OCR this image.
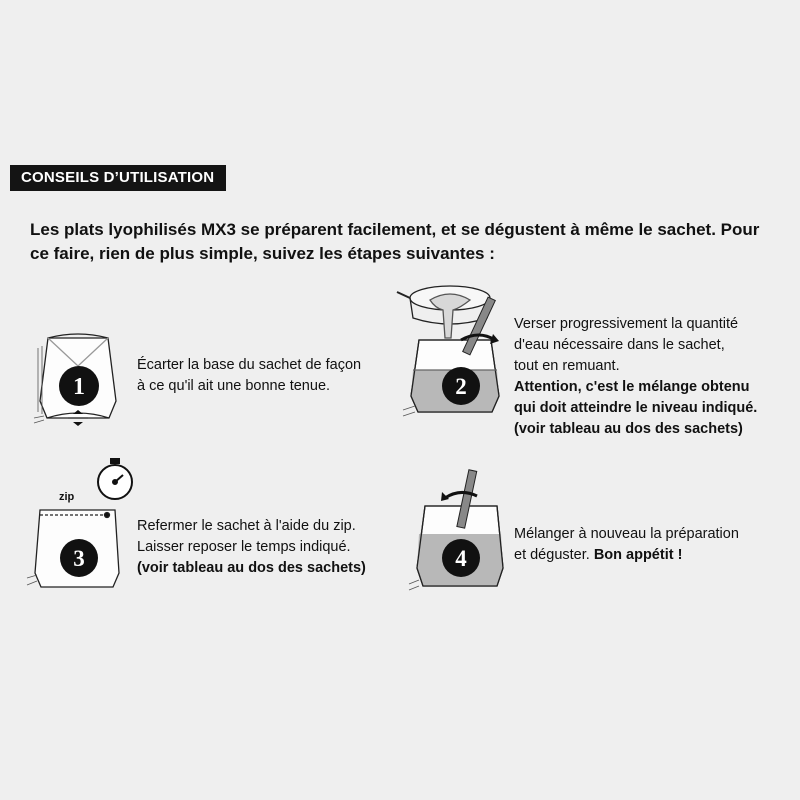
CONSEILS D’UTILISATION
Les plats lyophilisés MX3 se préparent facilement, et se dégustent à même le sachet. Pour ce faire, rien de plus simple, suivez les étapes suivantes :
1
Écarter la base du sachet de façon
à ce qu'il ait une bonne tenue.	2
Verser progressivement la quantité
d'eau nécessaire dans le sachet,
tout en remuant.
Attention, c'est le mélange obtenu
qui doit atteindre le niveau indiqué.
(voir tableau au dos des sachets)
zip
3
Refermer le sachet à l'aide du zip.
Laisser reposer le temps indiqué.
(voir tableau au dos des sachets)	4
Mélanger à nouveau la préparation
et déguster. Bon appétit !
